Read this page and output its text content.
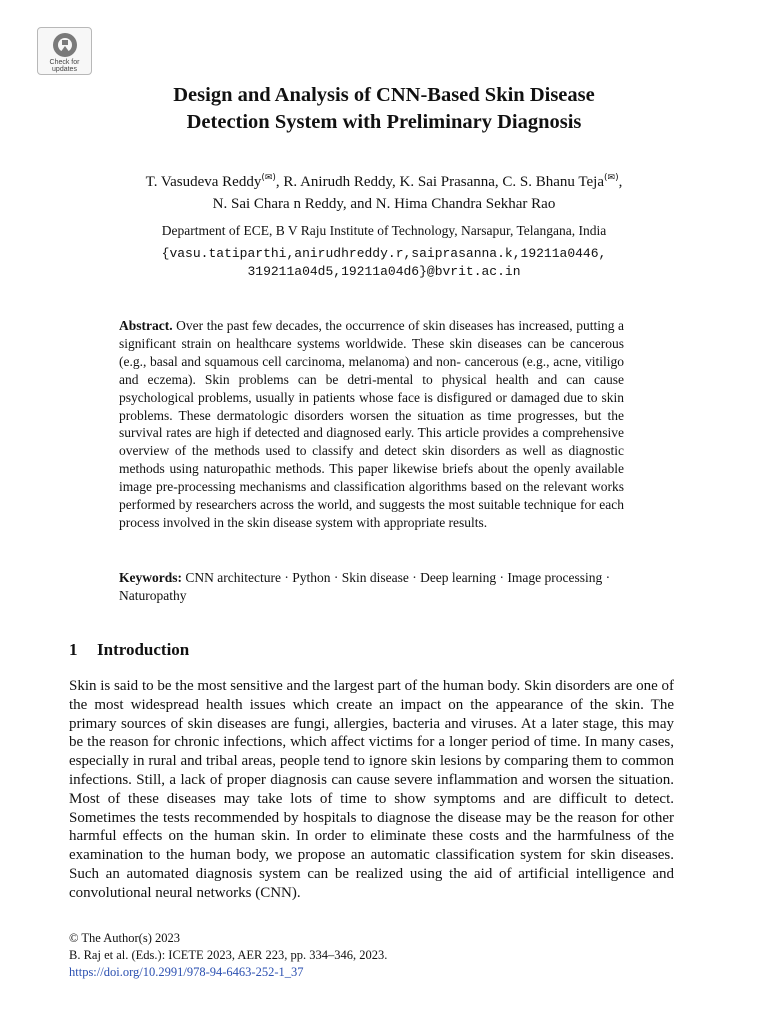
Check for
updates
Design and Analysis of CNN-Based Skin Disease
Detection System with Preliminary Diagnosis
T. Vasudeva Reddy(✉), R. Anirudh Reddy, K. Sai Prasanna, C. S. Bhanu Teja(✉),
N. Sai Chara n Reddy, and N. Hima Chandra Sekhar Rao
Department of ECE, B V Raju Institute of Technology, Narsapur, Telangana, India
{vasu.tatiparthi,anirudhreddy.r,saiprasanna.k,19211a0446,
319211a04d5,19211a04d6}@bvrit.ac.in
Abstract. Over the past few decades, the occurrence of skin diseases has increased, putting a significant strain on healthcare systems worldwide. These skin diseases can be cancerous (e.g., basal and squamous cell carcinoma, melanoma) and non- cancerous (e.g., acne, vitiligo and eczema). Skin problems can be detri-mental to physical health and can cause psychological problems, usually in patients whose face is disfigured or damaged due to skin problems. These dermatologic disorders worsen the situation as time progresses, but the survival rates are high if detected and diagnosed early. This article provides a comprehensive overview of the methods used to classify and detect skin disorders as well as diagnostic methods using naturopathic methods. This paper likewise briefs about the openly available image pre-processing mechanisms and classification algorithms based on the relevant works performed by researchers across the world, and suggests the most suitable technique for each process involved in the skin disease system with appropriate results.
Keywords: CNN architecture · Python · Skin disease · Deep learning · Image processing · Naturopathy
1 Introduction
Skin is said to be the most sensitive and the largest part of the human body. Skin disorders are one of the most widespread health issues which create an impact on the appearance of the skin. The primary sources of skin diseases are fungi, allergies, bacteria and viruses. At a later stage, this may be the reason for chronic infections, which affect victims for a longer period of time. In many cases, especially in rural and tribal areas, people tend to ignore skin lesions by comparing them to common infections. Still, a lack of proper diagnosis can cause severe inflammation and worsen the situation. Most of these diseases may take lots of time to show symptoms and are difficult to detect. Sometimes the tests recommended by hospitals to diagnose the disease may be the reason for other harmful effects on the human skin. In order to eliminate these costs and the harmfulness of the examination to the human body, we propose an automatic classification system for skin diseases. Such an automated diagnosis system can be realized using the aid of artificial intelligence and convolutional neural networks (CNN).
© The Author(s) 2023
B. Raj et al. (Eds.): ICETE 2023, AER 223, pp. 334–346, 2023.
https://doi.org/10.2991/978-94-6463-252-1_37
